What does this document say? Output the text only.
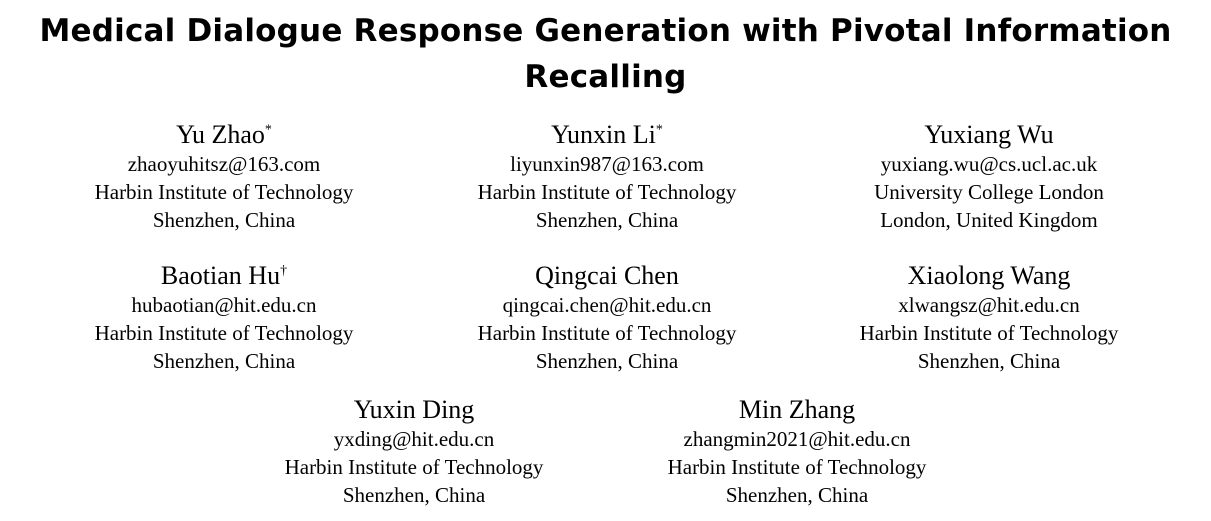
Medical Dialogue Response Generation with Pivotal Information
Recalling
Yu Zhao*
zhaoyuhitsz@163.com
Harbin Institute of Technology
Shenzhen, China
Yunxin Li*
liyunxin987@163.com
Harbin Institute of Technology
Shenzhen, China
Yuxiang Wu
yuxiang.wu@cs.ucl.ac.uk
University College London
London, United Kingdom
Baotian Hu†
hubaotian@hit.edu.cn
Harbin Institute of Technology
Shenzhen, China
Qingcai Chen
qingcai.chen@hit.edu.cn
Harbin Institute of Technology
Shenzhen, China
Xiaolong Wang
xlwangsz@hit.edu.cn
Harbin Institute of Technology
Shenzhen, China
Yuxin Ding
yxding@hit.edu.cn
Harbin Institute of Technology
Shenzhen, China
Min Zhang
zhangmin2021@hit.edu.cn
Harbin Institute of Technology
Shenzhen, China
